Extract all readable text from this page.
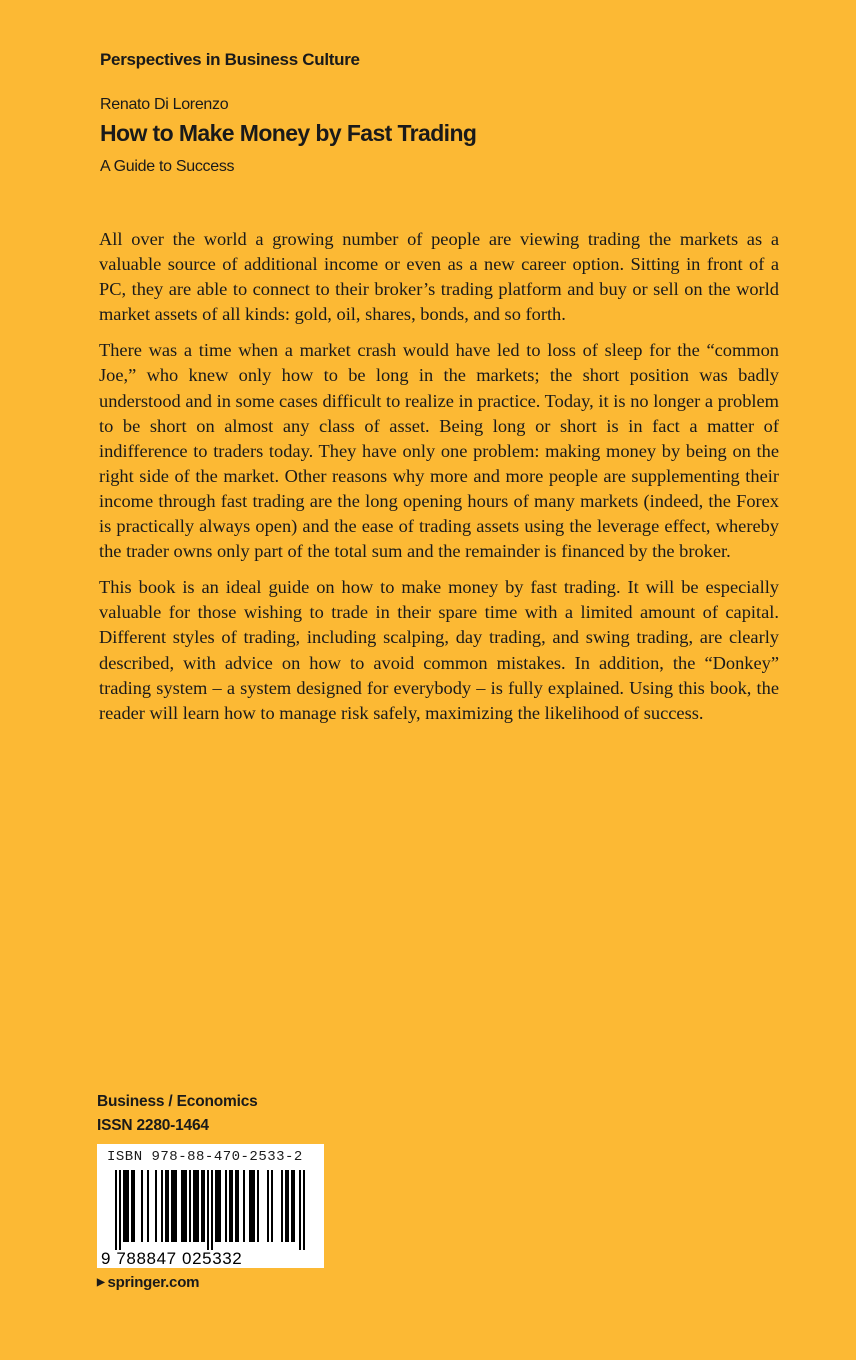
Perspectives in Business Culture
Renato Di Lorenzo
How to Make Money by Fast Trading
A Guide to Success

All over the world a growing number of people are viewing trading the markets as a valuable source of additional income or even as a new career option. Sitting in front of a PC, they are able to connect to their broker’s trading platform and buy or sell on the world market assets of all kinds: gold, oil, shares, bonds, and so forth.

There was a time when a market crash would have led to loss of sleep for the “common Joe,” who knew only how to be long in the markets; the short position was badly understood and in some cases difficult to realize in practice. Today, it is no longer a problem to be short on almost any class of asset. Being long or short is in fact a matter of indifference to traders today. They have only one problem: making money by being on the right side of the market. Other reasons why more and more people are supplementing their income through fast trading are the long opening hours of many markets (indeed, the Forex is practically always open) and the ease of trading assets using the leverage effect, whereby the trader owns only part of the total sum and the remainder is financed by the broker.

This book is an ideal guide on how to make money by fast trading. It will be especially valuable for those wishing to trade in their spare time with a limited amount of capital. Different styles of trading, including scalping, day trading, and swing trading, are clearly described, with advice on how to avoid common mistakes. In addition, the “Donkey” trading system – a system designed for everybody – is fully explained. Using this book, the reader will learn how to manage risk safely, maximizing the likelihood of success.

Business / Economics
ISSN 2280-1464
ISBN 978-88-470-2533-2
9 788847 025332
▶ springer.com
